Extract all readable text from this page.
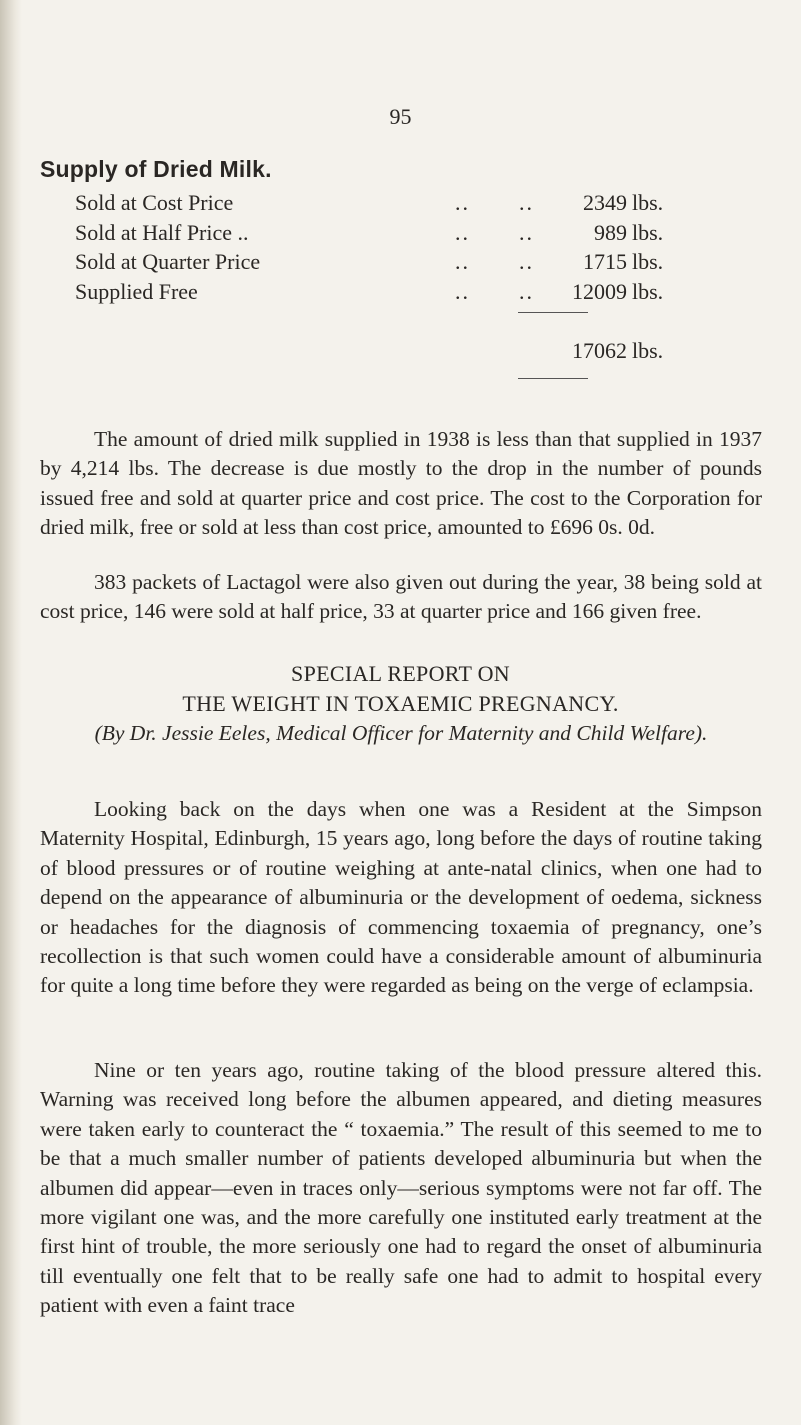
95
Supply of Dried Milk.
Sold at Cost Price	.. ..	2349 lbs.
Sold at Half Price ..	.. ..	989 lbs.
Sold at Quarter Price	.. ..	1715 lbs.
Supplied Free	.. ..	12009 lbs.
17062 lbs.

The amount of dried milk supplied in 1938 is less than that supplied in 1937 by 4,214 lbs. The decrease is due mostly to the drop in the number of pounds issued free and sold at quarter price and cost price. The cost to the Corporation for dried milk, free or sold at less than cost price, amounted to £696 0s. 0d.

383 packets of Lactagol were also given out during the year, 38 being sold at cost price, 146 were sold at half price, 33 at quarter price and 166 given free.

SPECIAL REPORT ON
THE WEIGHT IN TOXAEMIC PREGNANCY.
(By Dr. Jessie Eeles, Medical Officer for Maternity and Child Welfare).

Looking back on the days when one was a Resident at the Simpson Maternity Hospital, Edinburgh, 15 years ago, long before the days of routine taking of blood pressures or of routine weighing at ante-natal clinics, when one had to depend on the appearance of albuminuria or the development of oedema, sickness or headaches for the diagnosis of commencing toxaemia of pregnancy, one’s recollection is that such women could have a considerable amount of albuminuria for quite a long time before they were regarded as being on the verge of eclampsia.

Nine or ten years ago, routine taking of the blood pressure altered this. Warning was received long before the albumen appeared, and dieting measures were taken early to counteract the “ toxaemia.” The result of this seemed to me to be that a much smaller number of patients developed albuminuria but when the albumen did appear—even in traces only—serious symptoms were not far off. The more vigilant one was, and the more carefully one instituted early treatment at the first hint of trouble, the more seriously one had to regard the onset of albuminuria till eventually one felt that to be really safe one had to admit to hospital every patient with even a faint trace
